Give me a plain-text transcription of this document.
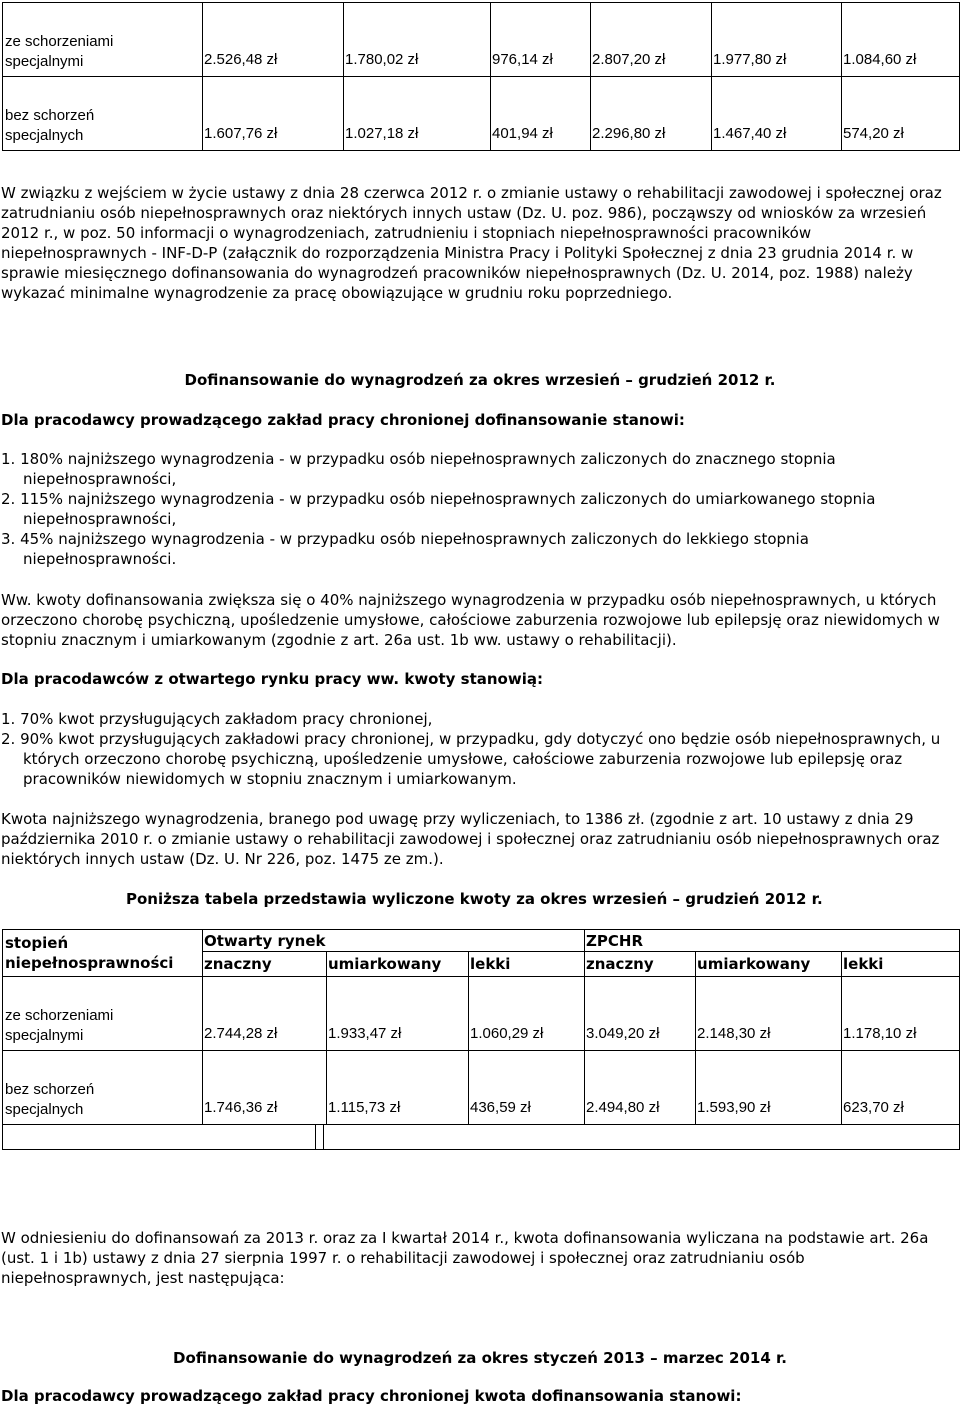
ze schorzeniami
specjalnymi	2.526,48 zł	1.780,02 zł	976,14 zł	2.807,20 zł	1.977,80 zł	1.084,60 zł

bez schorzeń
specjalnych	1.607,76 zł	1.027,18 zł	401,94 zł	2.296,80 zł	1.467,40 zł	574,20 zł

W związku z wejściem w życie ustawy z dnia 28 czerwca 2012 r. o zmianie ustawy o rehabilitacji zawodowej i społecznej oraz

zatrudnianiu osób niepełnosprawnych oraz niektórych innych ustaw (Dz. U. poz. 986), począwszy od wniosków za wrzesień

2012 r., w poz. 50 informacji o wynagrodzeniach, zatrudnieniu i stopniach niepełnosprawności pracowników

niepełnosprawnych - INF-D-P (załącznik do rozporządzenia Ministra Pracy i Polityki Społecznej z dnia 23 grudnia 2014 r. w

sprawie miesięcznego dofinansowania do wynagrodzeń pracowników niepełnosprawnych (Dz. U. 2014, poz. 1988) należy

wykazać minimalne wynagrodzenie za pracę obowiązujące w grudniu roku poprzedniego.

Dofinansowanie do wynagrodzeń za okres wrzesień – grudzień 2012 r.
Dla pracodawcy prowadzącego zakład pracy chronionej dofinansowanie stanowi:
1. 180% najniższego wynagrodzenia - w przypadku osób niepełnosprawnych zaliczonych do znacznego stopnia niepełnosprawności,
2. 115% najniższego wynagrodzenia - w przypadku osób niepełnosprawnych zaliczonych do umiarkowanego stopnia niepełnosprawności,
3. 45% najniższego wynagrodzenia - w przypadku osób niepełnosprawnych zaliczonych do lekkiego stopnia niepełnosprawności.

Ww. kwoty dofinansowania zwiększa się o 40% najniższego wynagrodzenia w przypadku osób niepełnosprawnych, u których

orzeczono chorobę psychiczną, upośledzenie umysłowe, całościowe zaburzenia rozwojowe lub epilepsję oraz niewidomych w

stopniu znacznym i umiarkowanym (zgodnie z art. 26a ust. 1b ww. ustawy o rehabilitacji).

Dla pracodawców z otwartego rynku pracy ww. kwoty stanowią:
1. 70% kwot przysługujących zakładom pracy chronionej,
2. 90% kwot przysługujących zakładowi pracy chronionej, w przypadku, gdy dotyczyć ono będzie osób niepełnosprawnych, u których orzeczono chorobę psychiczną, upośledzenie umysłowe, całościowe zaburzenia rozwojowe lub epilepsję oraz pracowników niewidomych w stopniu znacznym i umiarkowanym.

Kwota najniższego wynagrodzenia, branego pod uwagę przy wyliczeniach, to 1386 zł. (zgodnie z art. 10 ustawy z dnia 29

października 2010 r. o zmianie ustawy o rehabilitacji zawodowej i społecznej oraz zatrudnianiu osób niepełnosprawnych oraz

niektórych innych ustaw (Dz. U. Nr 226, poz. 1475 ze zm.).

Poniższa tabela przedstawia wyliczone kwoty za okres wrzesień – grudzień 2012 r.
stopień
niepełnosprawności	Otwarty rynek			ZPCHR		
	znaczny	umiarkowany	lekki	znaczny	umiarkowany	lekki

ze schorzeniami
specjalnymi	2.744,28 zł	1.933,47 zł	1.060,29 zł	3.049,20 zł	2.148,30 zł	1.178,10 zł

bez schorzeń
specjalnych	1.746,36 zł	1.115,73 zł	436,59 zł	2.494,80 zł	1.593,90 zł	623,70 zł

W odniesieniu do dofinansowań za 2013 r. oraz za I kwartał 2014 r., kwota dofinansowania wyliczana na podstawie art. 26a

(ust. 1 i 1b) ustawy z dnia 27 sierpnia 1997 r. o rehabilitacji zawodowej i społecznej oraz zatrudnianiu osób

niepełnosprawnych, jest następująca:

Dofinansowanie do wynagrodzeń za okres styczeń 2013 – marzec 2014 r.
Dla pracodawcy prowadzącego zakład pracy chronionej kwota dofinansowania stanowi:
